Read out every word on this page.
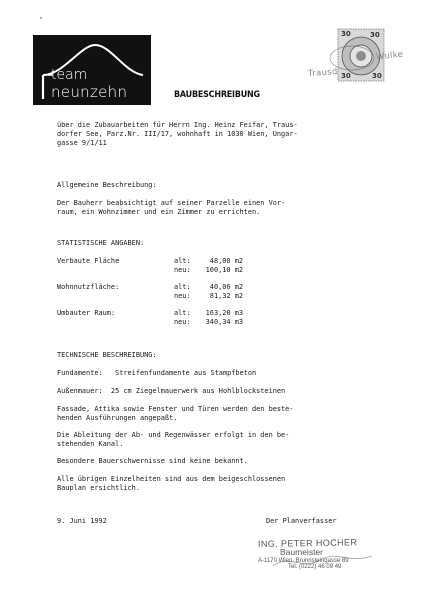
team
neunzehn	BAUBESCHREIBUNG
30	30
30	30
Trausd
Wulke
über die Zubauarbeiten für Herrn Ing. Heinz Feifar, Traus-
dorfer See, Parz.Nr. III/17, wohnhaft in 1030 Wien, Ungar-
gasse 9/1/11
Allgemeine Beschreibung:
Der Bauherr beabsichtigt auf seiner Parzelle einen Vor-
raum, ein Wohnzimmer und ein Zimmer zu errichten.
STATISTISCHE ANGABEN:
Verbaute Fläche	alt:	48,00 m2
neu:	100,10 m2
Wohnnutzfläche:	alt:	40,06 m2
neu:	81,32 m2
Umbauter Raum:	alt:	163,20 m3
neu:	340,34 m3
TECHNISCHE BESCHREIBUNG:
Fundamente:   Streifenfundamente aus Stampfbeton
Außenmauer:  25 cm Ziegelmauerwerk aus Hohlblocksteinen
Fassade, Attika sowie Fenster und Türen werden den beste-
henden Ausführungen angepaßt.
Die Ableitung der Ab- und Regenwässer erfolgt in den be-
stehenden Kanal.
Besondere Bauerschwernisse sind keine bekannt.
Alle übrigen Einzelheiten sind aus dem beigeschlossenen
Bauplan ersichtlich.
9. Juni 1992	Der Planverfasser
ING. PETER HOCHER
Baumeister
A-1170 Wien, Brunnsteingasse 89
Tel. (0222) 46 09 49
